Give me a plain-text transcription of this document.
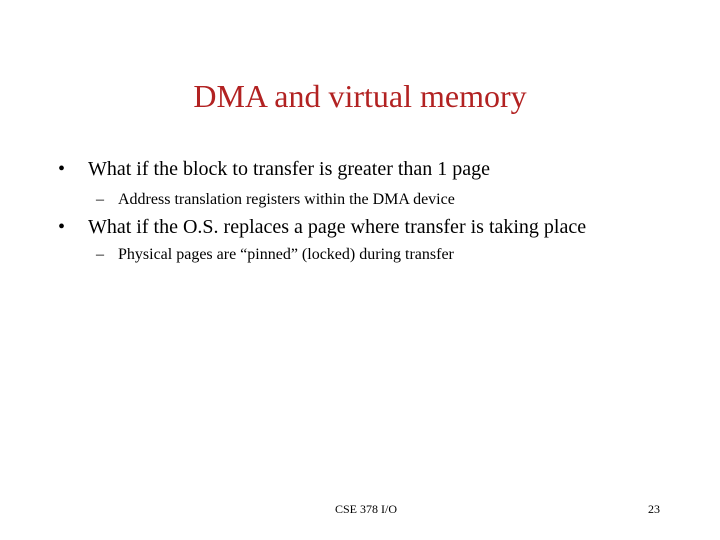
DMA and virtual memory
• What if the block to transfer is greater than 1 page
– Address translation registers within the DMA device
• What if the O.S. replaces a page where transfer is taking place
– Physical pages are “pinned” (locked) during transfer
CSE 378 I/O	23
